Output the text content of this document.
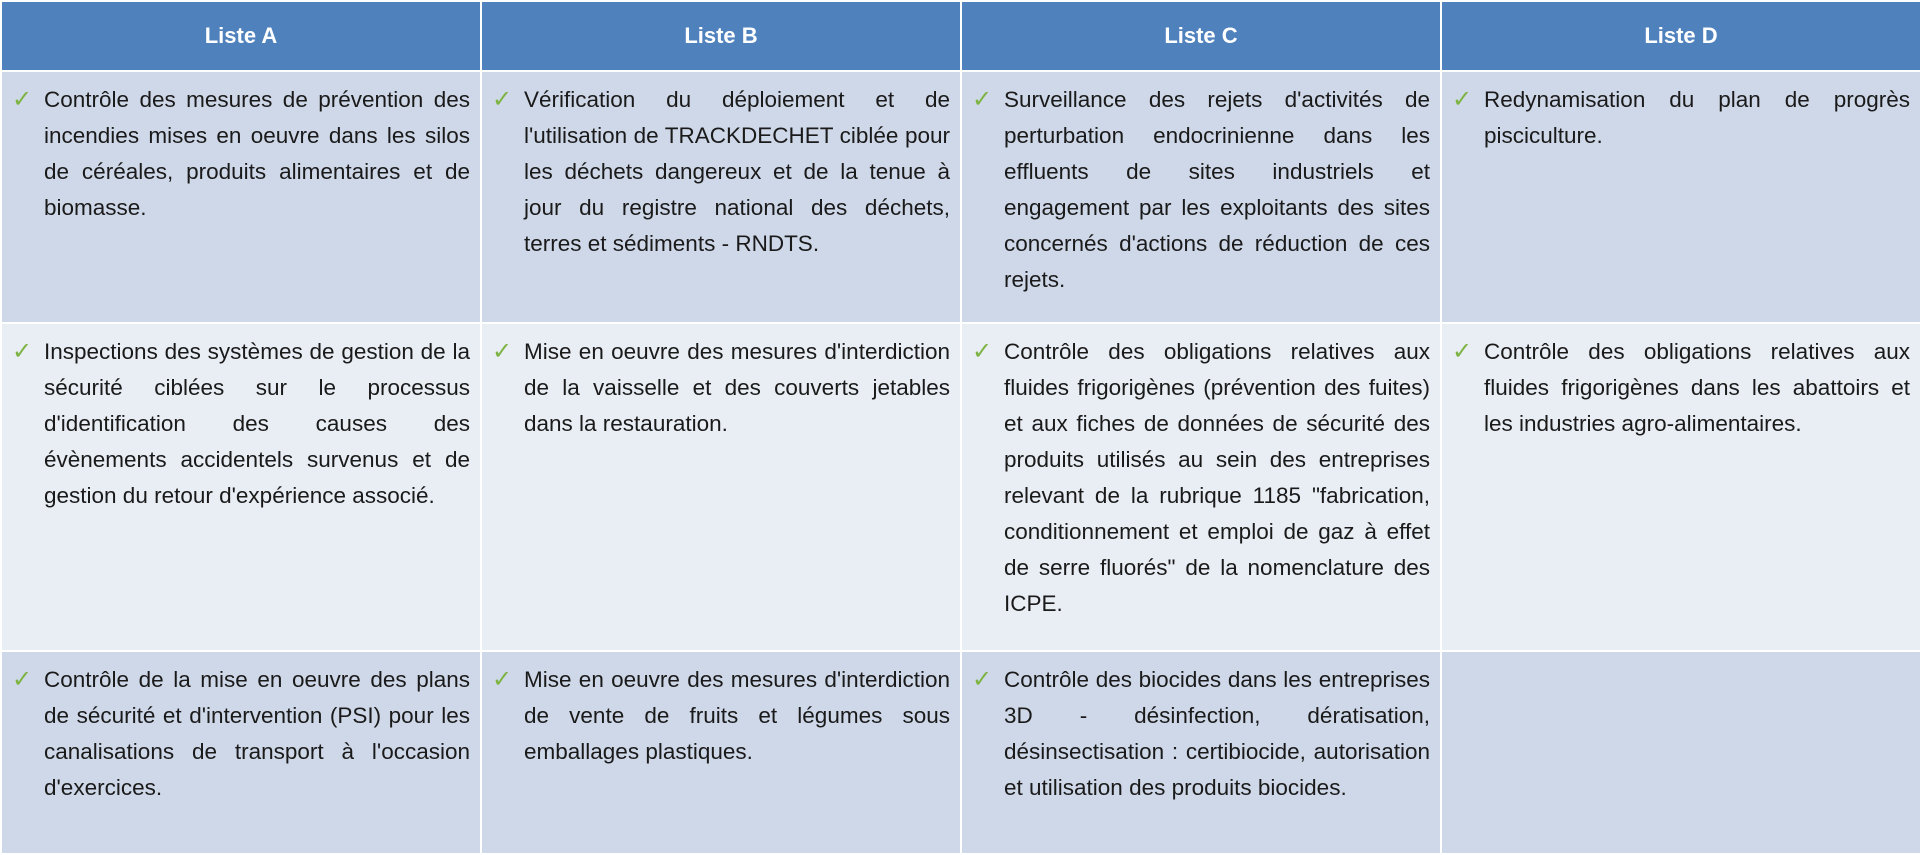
Liste A	Liste B	Liste C	Liste D

✓ Contrôle des mesures de prévention des incendies mises en oeuvre dans les silos de céréales, produits alimentaires et de biomasse.	✓ Vérification du déploiement et de l'utilisation de TRACKDECHET ciblée pour les déchets dangereux et de la tenue à jour du registre national des déchets, terres et sédiments - RNDTS.	✓ Surveillance des rejets d'activités de perturbation endocrinienne dans les effluents de sites industriels et engagement par les exploitants des sites concernés d'actions de réduction de ces rejets.	✓ Redynamisation du plan de progrès pisciculture.

✓ Inspections des systèmes de gestion de la sécurité ciblées sur le processus d'identification des causes des évènements accidentels survenus et de gestion du retour d'expérience associé.	✓ Mise en oeuvre des mesures d'interdiction de la vaisselle et des couverts jetables dans la restauration.	✓ Contrôle des obligations relatives aux fluides frigorigènes (prévention des fuites) et aux fiches de données de sécurité des produits utilisés au sein des entreprises relevant de la rubrique 1185 "fabrication, conditionnement et emploi de gaz à effet de serre fluorés" de la nomenclature des ICPE.	✓ Contrôle des obligations relatives aux fluides frigorigènes dans les abattoirs et les industries agro-alimentaires.

✓ Contrôle de la mise en oeuvre des plans de sécurité et d'intervention (PSI) pour les canalisations de transport à l'occasion d'exercices.	✓ Mise en oeuvre des mesures d'interdiction de vente de fruits et légumes sous emballages plastiques.	✓ Contrôle des biocides dans les entreprises 3D - désinfection, dératisation, désinsectisation : certibiocide, autorisation et utilisation des produits biocides.	
